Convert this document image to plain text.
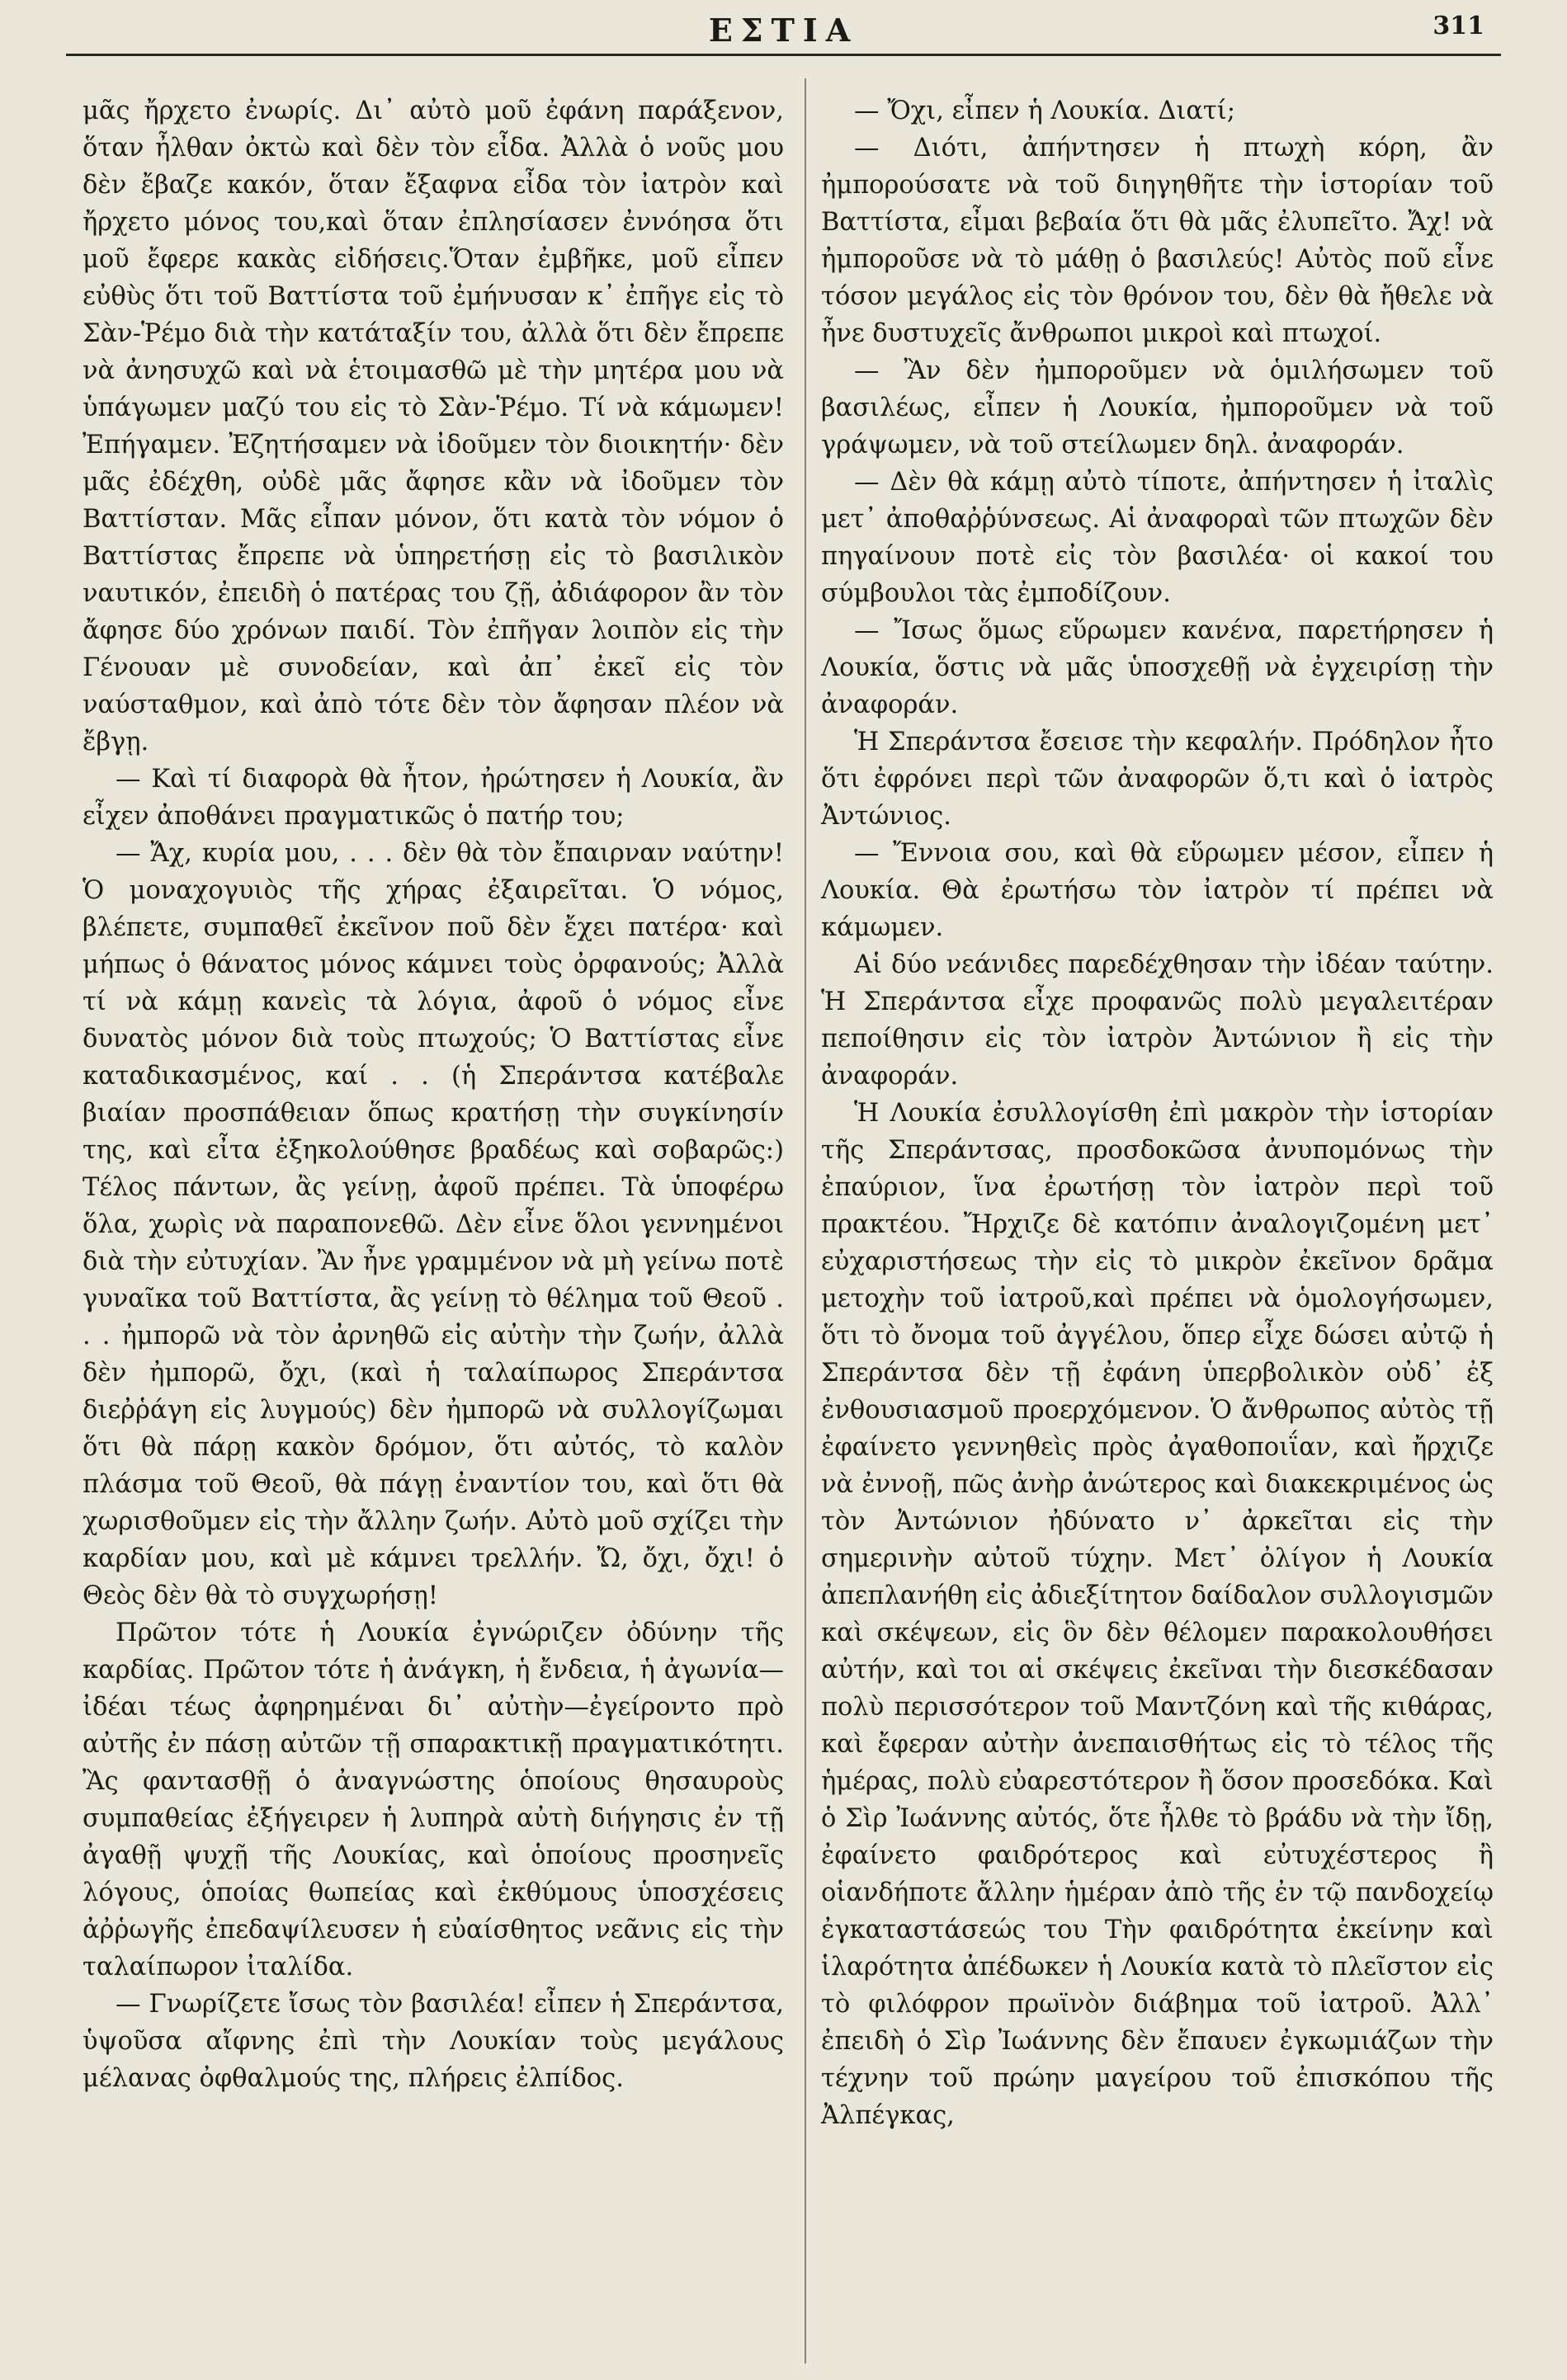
ΕΣΤΙΑ	311

μᾶς ἤρχετο ἐνωρίς. Δι᾽ αὐτὸ μοῦ ἐφάνη παράξενον, ὅταν ἦλθαν ὀκτὼ καὶ δὲν τὸν εἶδα. Ἀλλὰ ὁ νοῦς μου δὲν ἔβαζε κακόν, ὅταν ἔξαφνα εἶδα τὸν ἰατρὸν καὶ ἤρχετο μόνος του,καὶ ὅταν ἐπλησίασεν ἐννόησα ὅτι μοῦ ἔφερε κακὰς εἰδήσεις.Ὅταν ἐμβῆκε, μοῦ εἶπεν εὐθὺς ὅτι τοῦ Βαττίστα τοῦ ἐμήνυσαν κ᾽ ἐπῆγε εἰς τὸ Σὰν-Ῥέμο διὰ τὴν κατάταξίν του, ἀλλὰ ὅτι δὲν ἔπρεπε νὰ ἀνησυχῶ καὶ νὰ ἑτοιμασθῶ μὲ τὴν μητέρα μου νὰ ὑπάγωμεν μαζύ του εἰς τὸ Σὰν-Ῥέμο. Τί νὰ κάμωμεν! Ἐπήγαμεν. Ἐζητήσαμεν νὰ ἰδοῦμεν τὸν διοικητήν· δὲν μᾶς ἐδέχθη, οὐδὲ μᾶς ἄφησε κἂν νὰ ἰδοῦμεν τὸν Βαττίσταν. Μᾶς εἶπαν μόνον, ὅτι κατὰ τὸν νόμον ὁ Βαττίστας ἔπρεπε νὰ ὑπηρετήσῃ εἰς τὸ βασιλικὸν ναυτικόν, ἐπειδὴ ὁ πατέρας του ζῇ, ἀδιάφορον ἂν τὸν ἄφησε δύο χρόνων παιδί. Τὸν ἐπῆγαν λοιπὸν εἰς τὴν Γένουαν μὲ συνοδείαν, καὶ ἀπ᾽ ἐκεῖ εἰς τὸν ναύσταθμον, καὶ ἀπὸ τότε δὲν τὸν ἄφησαν πλέον νὰ ἔβγῃ.

— Καὶ τί διαφορὰ θὰ ἦτον, ἠρώτησεν ἡ Λουκία, ἂν εἶχεν ἀποθάνει πραγματικῶς ὁ πατήρ του;

— Ἄχ, κυρία μου, . . . δὲν θὰ τὸν ἔπαιρναν ναύτην! Ὁ μοναχογυιὸς τῆς χήρας ἐξαιρεῖται. Ὁ νόμος, βλέπετε, συμπαθεῖ ἐκεῖνον ποῦ δὲν ἔχει πατέρα· καὶ μήπως ὁ θάνατος μόνος κάμνει τοὺς ὀρφανούς; Ἀλλὰ τί νὰ κάμῃ κανεὶς τὰ λόγια, ἀφοῦ ὁ νόμος εἶνε δυνατὸς μόνον διὰ τοὺς πτωχούς; Ὁ Βαττίστας εἶνε καταδικασμένος, καί . . (ἡ Σπεράντσα κατέβαλε βιαίαν προσπάθειαν ὅπως κρατήσῃ τὴν συγκίνησίν της, καὶ εἶτα ἐξηκολούθησε βραδέως καὶ σοβαρῶς:) Τέλος πάντων, ἂς γείνῃ, ἀφοῦ πρέπει. Τὰ ὑποφέρω ὅλα, χωρὶς νὰ παραπονεθῶ. Δὲν εἶνε ὅλοι γεννημένοι διὰ τὴν εὐτυχίαν. Ἂν ἦνε γραμμένον νὰ μὴ γείνω ποτὲ γυναῖκα τοῦ Βαττίστα, ἂς γείνῃ τὸ θέλημα τοῦ Θεοῦ . . . ἠμπορῶ νὰ τὸν ἀρνηθῶ εἰς αὐτὴν τὴν ζωήν, ἀλλὰ δὲν ἠμπορῶ, ὄχι, (καὶ ἡ ταλαίπωρος Σπεράντσα διεῤῥάγη εἰς λυγμούς) δὲν ἠμπορῶ νὰ συλλογίζωμαι ὅτι θὰ πάρῃ κακὸν δρόμον, ὅτι αὐτός, τὸ καλὸν πλάσμα τοῦ Θεοῦ, θὰ πάγῃ ἐναντίον του, καὶ ὅτι θὰ χωρισθοῦμεν εἰς τὴν ἄλλην ζωήν. Αὐτὸ μοῦ σχίζει τὴν καρδίαν μου, καὶ μὲ κάμνει τρελλήν. Ὤ, ὄχι, ὄχι! ὁ Θεὸς δὲν θὰ τὸ συγχωρήσῃ!

Πρῶτον τότε ἡ Λουκία ἐγνώριζεν ὀδύνην τῆς καρδίας. Πρῶτον τότε ἡ ἀνάγκη, ἡ ἔνδεια, ἡ ἀγωνία—ἰδέαι τέως ἀφηρημέναι δι᾽ αὐτὴν—ἐγείροντο πρὸ αὐτῆς ἐν πάσῃ αὐτῶν τῇ σπαρακτικῇ πραγματικότητι. Ἂς φαντασθῇ ὁ ἀναγνώστης ὁποίους θησαυροὺς συμπαθείας ἐξήγειρεν ἡ λυπηρὰ αὐτὴ διήγησις ἐν τῇ ἀγαθῇ ψυχῇ τῆς Λουκίας, καὶ ὁποίους προσηνεῖς λόγους, ὁποίας θωπείας καὶ ἐκθύμους ὑποσχέσεις ἀῤῥωγῆς ἐπεδαψίλευσεν ἡ εὐαίσθητος νεᾶνις εἰς τὴν ταλαίπωρον ἰταλίδα.

— Γνωρίζετε ἴσως τὸν βασιλέα! εἶπεν ἡ Σπεράντσα, ὑψοῦσα αἴφνης ἐπὶ τὴν Λουκίαν τοὺς μεγάλους μέλανας ὀφθαλμούς της, πλήρεις ἐλπίδος.

— Ὄχι, εἶπεν ἡ Λουκία. Διατί;

— Διότι, ἀπήντησεν ἡ πτωχὴ κόρη, ἂν ἠμπορούσατε νὰ τοῦ διηγηθῆτε τὴν ἱστορίαν τοῦ Βαττίστα, εἶμαι βεβαία ὅτι θὰ μᾶς ἐλυπεῖτο. Ἄχ! νὰ ἠμποροῦσε νὰ τὸ μάθῃ ὁ βασιλεύς! Αὐτὸς ποῦ εἶνε τόσον μεγάλος εἰς τὸν θρόνον του, δὲν θὰ ἤθελε νὰ ἦνε δυστυχεῖς ἄνθρωποι μικροὶ καὶ πτωχοί.

— Ἂν δὲν ἠμποροῦμεν νὰ ὁμιλήσωμεν τοῦ βασιλέως, εἶπεν ἡ Λουκία, ἠμποροῦμεν νὰ τοῦ γράψωμεν, νὰ τοῦ στείλωμεν δηλ. ἀναφοράν.

— Δὲν θὰ κάμῃ αὐτὸ τίποτε, ἀπήντησεν ἡ ἰταλὶς μετ᾽ ἀποθαῤῥύνσεως. Αἱ ἀναφοραὶ τῶν πτωχῶν δὲν πηγαίνουν ποτὲ εἰς τὸν βασιλέα· οἱ κακοί του σύμβουλοι τὰς ἐμποδίζουν.

— Ἴσως ὅμως εὕρωμεν κανένα, παρετήρησεν ἡ Λουκία, ὅστις νὰ μᾶς ὑποσχεθῇ νὰ ἐγχειρίσῃ τὴν ἀναφοράν.

Ἡ Σπεράντσα ἔσεισε τὴν κεφαλήν. Πρόδηλον ἦτο ὅτι ἐφρόνει περὶ τῶν ἀναφορῶν ὅ,τι καὶ ὁ ἰατρὸς Ἀντώνιος.

— Ἔννοια σου, καὶ θὰ εὕρωμεν μέσον, εἶπεν ἡ Λουκία. Θὰ ἐρωτήσω τὸν ἰατρὸν τί πρέπει νὰ κάμωμεν.

Αἱ δύο νεάνιδες παρεδέχθησαν τὴν ἰδέαν ταύτην. Ἡ Σπεράντσα εἶχε προφανῶς πολὺ μεγαλειτέραν πεποίθησιν εἰς τὸν ἰατρὸν Ἀντώνιον ἢ εἰς τὴν ἀναφοράν.

Ἡ Λουκία ἐσυλλογίσθη ἐπὶ μακρὸν τὴν ἱστορίαν τῆς Σπεράντσας, προσδοκῶσα ἀνυπομόνως τὴν ἐπαύριον, ἵνα ἐρωτήσῃ τὸν ἰατρὸν περὶ τοῦ πρακτέου. Ἤρχιζε δὲ κατόπιν ἀναλογιζομένη μετ᾽ εὐχαριστήσεως τὴν εἰς τὸ μικρὸν ἐκεῖνον δρᾶμα μετοχὴν τοῦ ἰατροῦ,καὶ πρέπει νὰ ὁμολογήσωμεν, ὅτι τὸ ὄνομα τοῦ ἀγγέλου, ὅπερ εἶχε δώσει αὐτῷ ἡ Σπεράντσα δὲν τῇ ἐφάνη ὑπερβολικὸν οὐδ᾽ ἐξ ἐνθουσιασμοῦ προερχόμενον. Ὁ ἄνθρωπος αὐτὸς τῇ ἐφαίνετο γεννηθεὶς πρὸς ἀγαθοποιΐαν, καὶ ἤρχιζε νὰ ἐννοῇ, πῶς ἀνὴρ ἀνώτερος καὶ διακεκριμένος ὡς τὸν Ἀντώνιον ἠδύνατο ν᾽ ἀρκεῖται εἰς τὴν σημερινὴν αὐτοῦ τύχην. Μετ᾽ ὀλίγον ἡ Λουκία ἀπεπλανήθη εἰς ἀδιεξίτητον δαίδαλον συλλογισμῶν καὶ σκέψεων, εἰς ὃν δὲν θέλομεν παρακολουθήσει αὐτήν, καὶ τοι αἱ σκέψεις ἐκεῖναι τὴν διεσκέδασαν πολὺ περισσότερον τοῦ Μαντζόνη καὶ τῆς κιθάρας, καὶ ἔφεραν αὐτὴν ἀνεπαισθήτως εἰς τὸ τέλος τῆς ἡμέρας, πολὺ εὐαρεστότερον ἢ ὅσον προσεδόκα. Καὶ ὁ Σὶρ Ἰωάννης αὐτός, ὅτε ἦλθε τὸ βράδυ νὰ τὴν ἴδῃ, ἐφαίνετο φαιδρότερος καὶ εὐτυχέστερος ἢ οἱανδήποτε ἄλλην ἡμέραν ἀπὸ τῆς ἐν τῷ πανδοχείῳ ἐγκαταστάσεώς του Τὴν φαιδρότητα ἐκείνην καὶ ἱλαρότητα ἀπέδωκεν ἡ Λουκία κατὰ τὸ πλεῖστον εἰς τὸ φιλόφρον πρωϊνὸν διάβημα τοῦ ἰατροῦ. Ἀλλ᾽ ἐπειδὴ ὁ Σὶρ Ἰωάννης δὲν ἔπαυεν ἐγκωμιάζων τὴν τέχνην τοῦ πρώην μαγείρου τοῦ ἐπισκόπου τῆς Ἀλπέγκας,
